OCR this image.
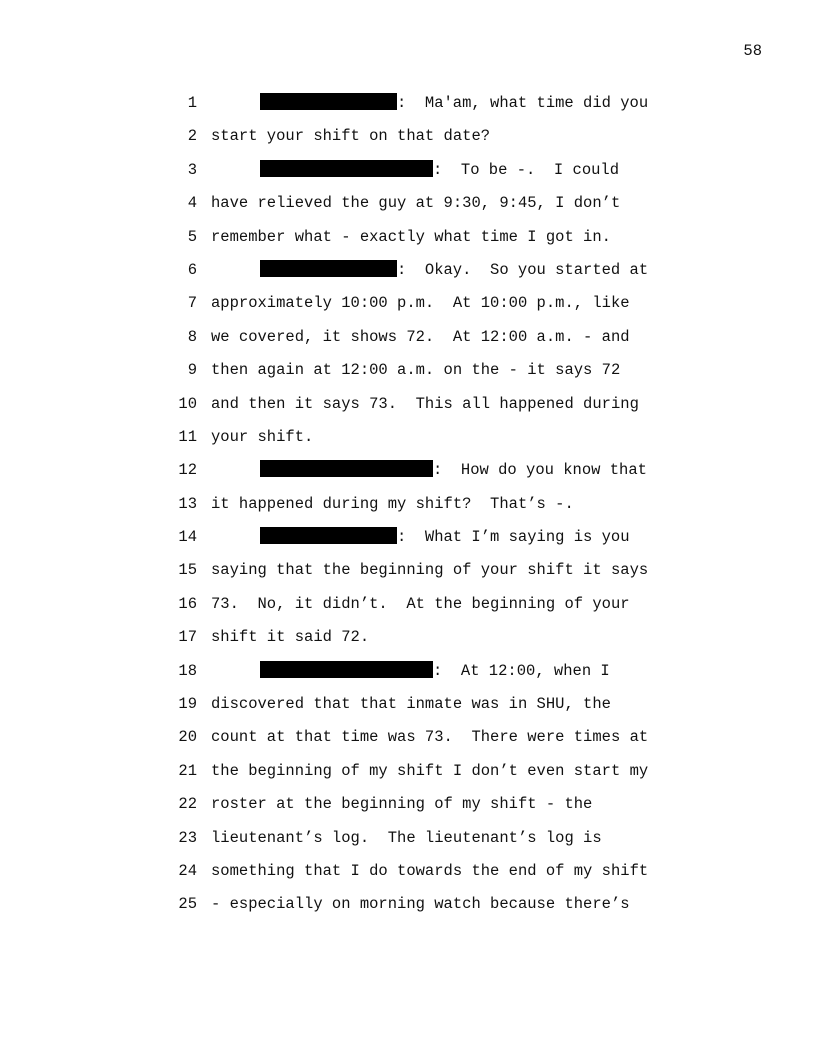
58
1	:  Ma'am, what time did you
2 start your shift on that date?
3	:  To be -.  I could
4 have relieved the guy at 9:30, 9:45, I don’t
5 remember what - exactly what time I got in.
6	:  Okay.  So you started at
7 approximately 10:00 p.m.  At 10:00 p.m., like
8 we covered, it shows 72.  At 12:00 a.m. - and
9 then again at 12:00 a.m. on the - it says 72
10 and then it says 73.  This all happened during
11 your shift.
12	:  How do you know that
13 it happened during my shift?  That’s -.
14	:  What I’m saying is you
15 saying that the beginning of your shift it says
16 73.  No, it didn’t.  At the beginning of your
17 shift it said 72.
18	:  At 12:00, when I
19 discovered that that inmate was in SHU, the
20 count at that time was 73.  There were times at
21 the beginning of my shift I don’t even start my
22 roster at the beginning of my shift - the
23 lieutenant’s log.  The lieutenant’s log is
24 something that I do towards the end of my shift
25 - especially on morning watch because there’s
